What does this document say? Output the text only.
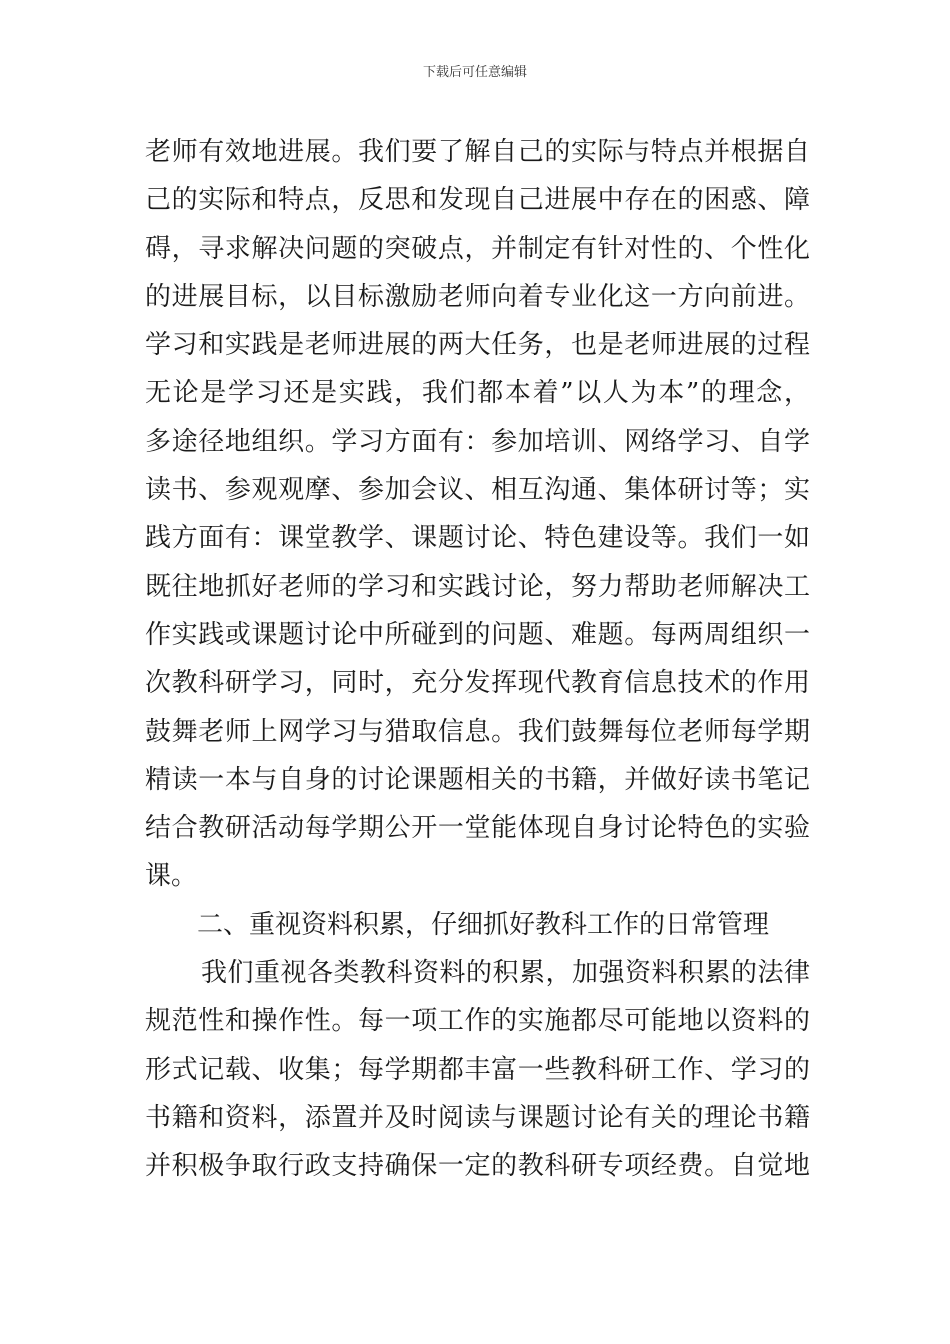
下载后可任意编辑
老师有效地进展。我们要了解自己的实际与特点并根据自
己的实际和特点，反思和发现自己进展中存在的困惑、障
碍，寻求解决问题的突破点，并制定有针对性的、个性化
的进展目标，以目标激励老师向着专业化这一方向前进。
学习和实践是老师进展的两大任务，也是老师进展的过程
无论是学习还是实践，我们都本着”以人为本”的理念，
多途径地组织。学习方面有：参加培训、网络学习、自学
读书、参观观摩、参加会议、相互沟通、集体研讨等；实
践方面有：课堂教学、课题讨论、特色建设等。我们一如
既往地抓好老师的学习和实践讨论，努力帮助老师解决工
作实践或课题讨论中所碰到的问题、难题。每两周组织一
次教科研学习，同时，充分发挥现代教育信息技术的作用
鼓舞老师上网学习与猎取信息。我们鼓舞每位老师每学期
精读一本与自身的讨论课题相关的书籍，并做好读书笔记
结合教研活动每学期公开一堂能体现自身讨论特色的实验
课。
二、重视资料积累，仔细抓好教科工作的日常管理
我们重视各类教科资料的积累，加强资料积累的法律
规范性和操作性。每一项工作的实施都尽可能地以资料的
形式记载、收集；每学期都丰富一些教科研工作、学习的
书籍和资料，添置并及时阅读与课题讨论有关的理论书籍
并积极争取行政支持确保一定的教科研专项经费。自觉地
